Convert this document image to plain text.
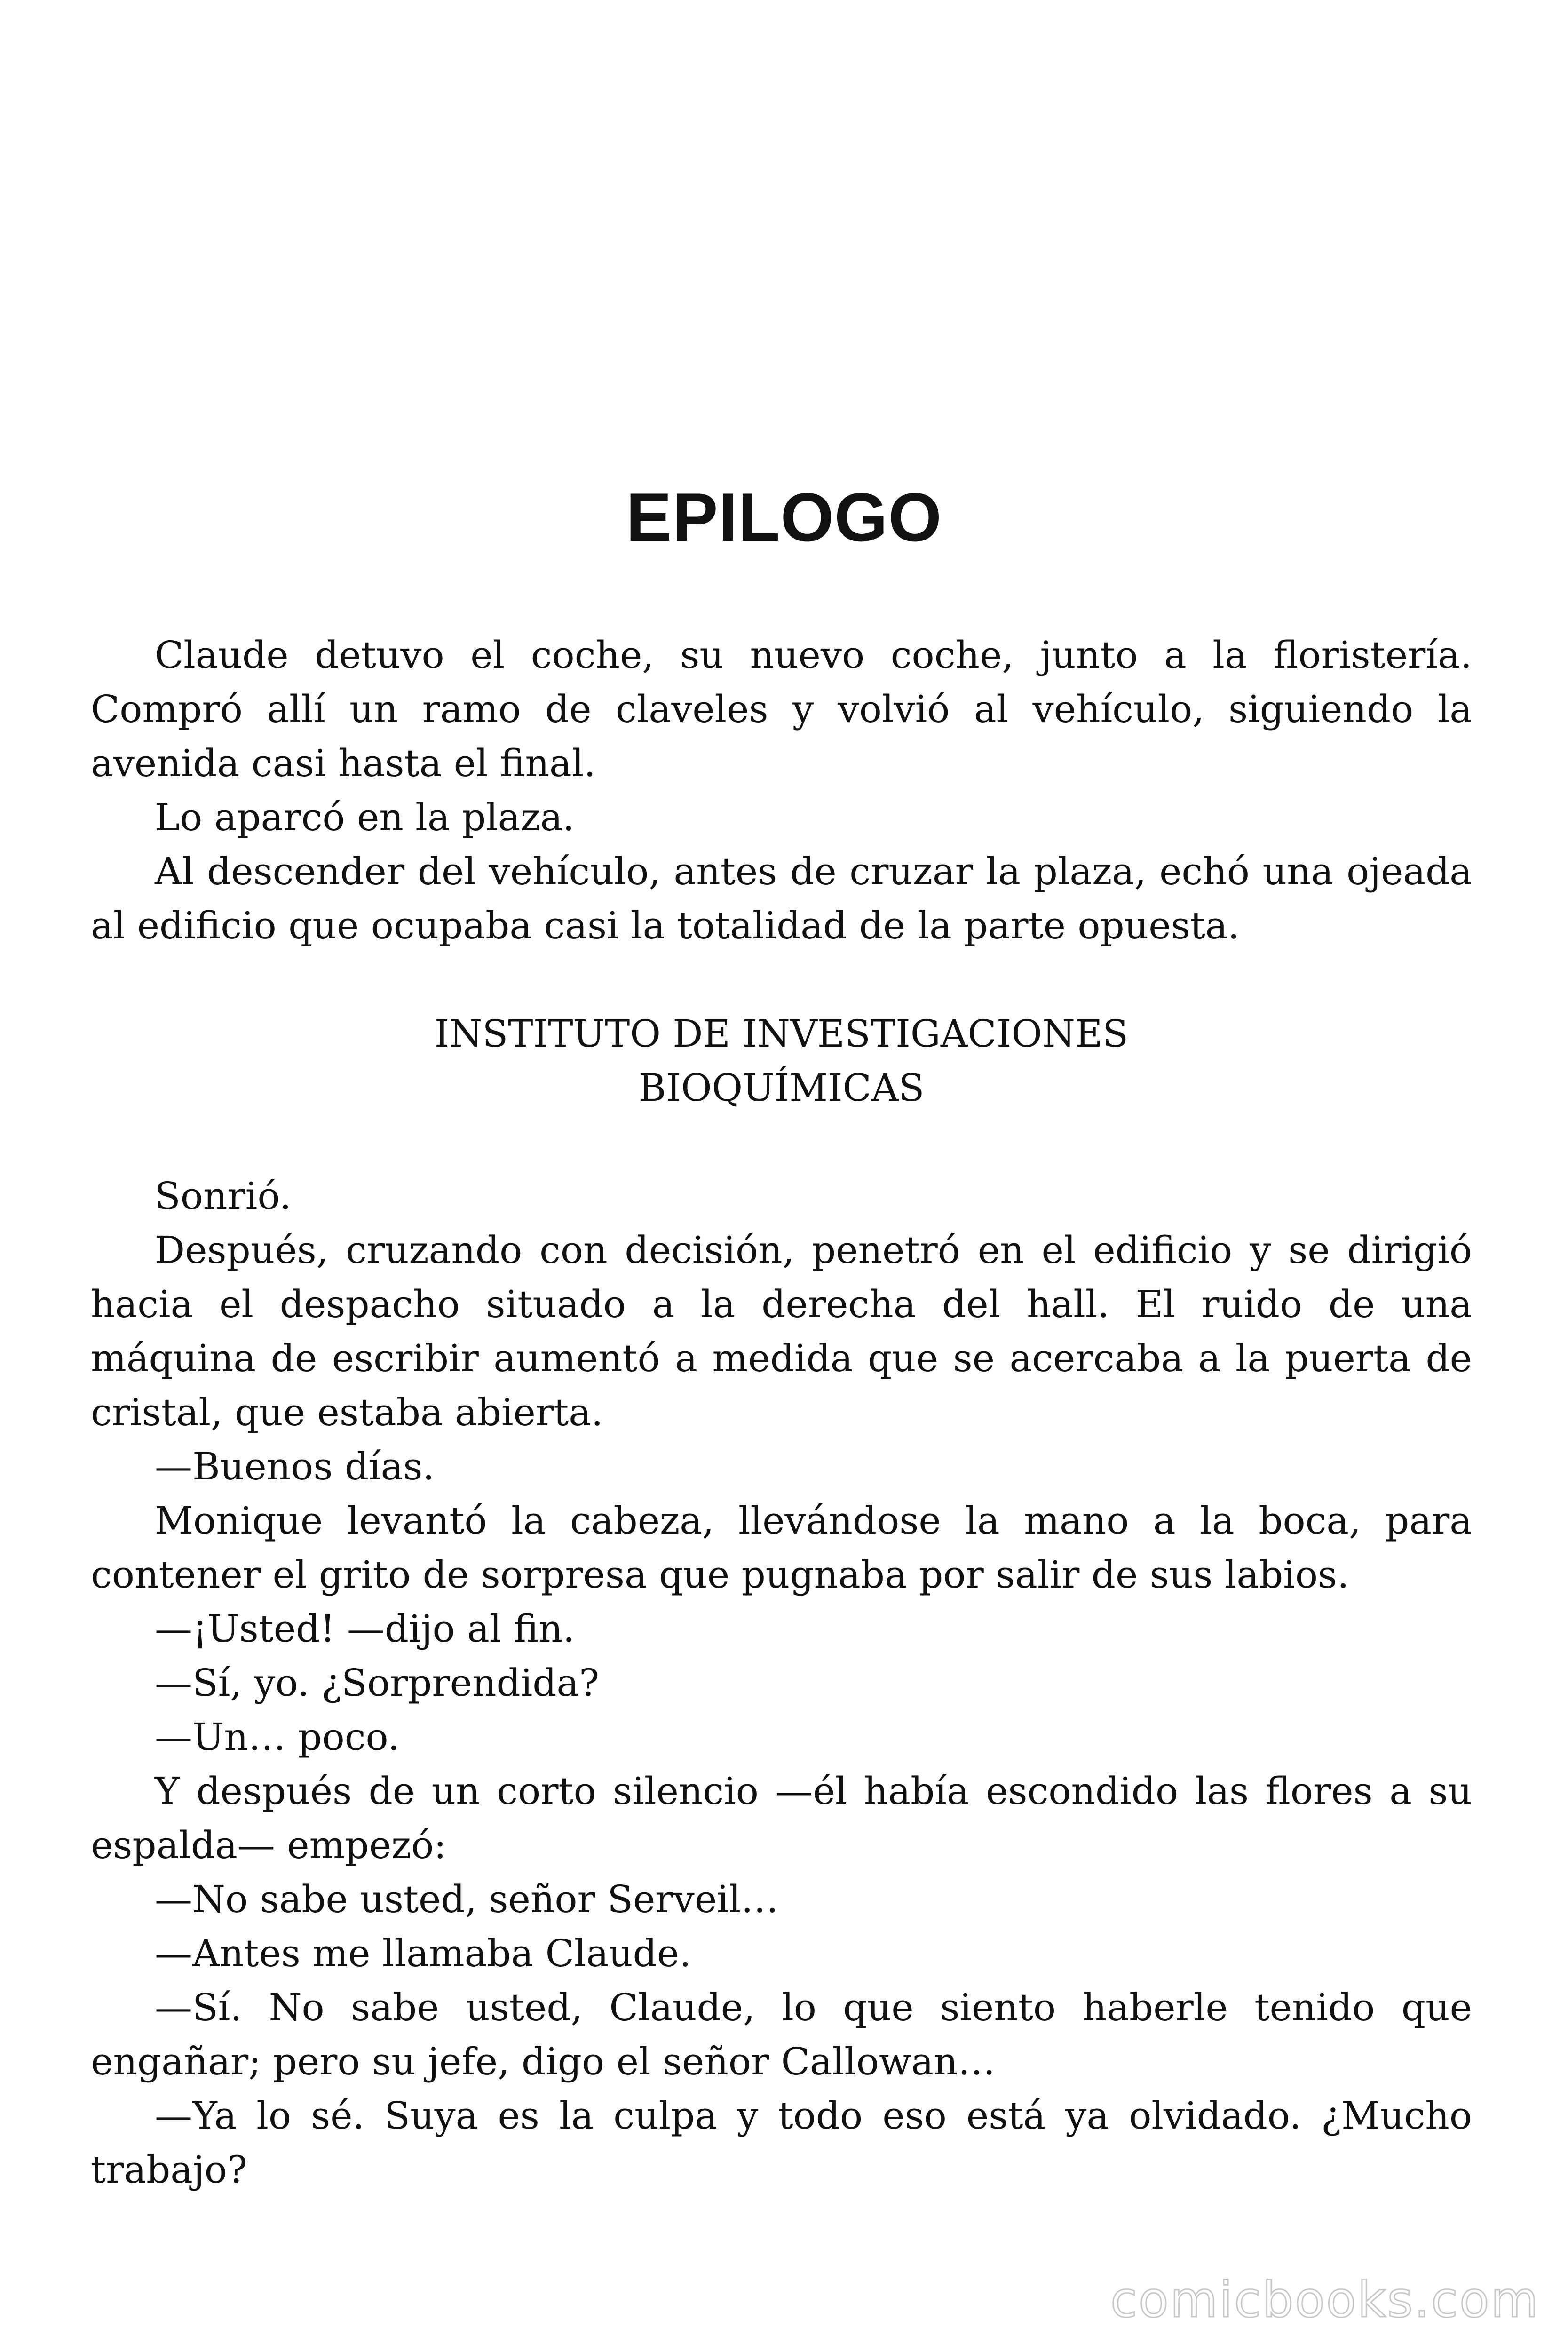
EPILOGO

Claude detuvo el coche, su nuevo coche, junto a la floristería. Compró allí un ramo de claveles y volvió al vehículo, siguiendo la avenida casi hasta el final.

Lo aparcó en la plaza.

Al descender del vehículo, antes de cruzar la plaza, echó una ojeada al edificio que ocupaba casi la totalidad de la parte opuesta.

INSTITUTO DE INVESTIGACIONES

BIOQUÍMICAS

Sonrió.

Después, cruzando con decisión, penetró en el edificio y se dirigió hacia el despacho situado a la derecha del hall. El ruido de una máquina de escribir aumentó a medida que se acercaba a la puerta de cristal, que estaba abierta.

—Buenos días.

Monique levantó la cabeza, llevándose la mano a la boca, para contener el grito de sorpresa que pugnaba por salir de sus labios.

—¡Usted! —dijo al fin.

—Sí, yo. ¿Sorprendida?

—Un… poco.

Y después de un corto silencio —él había escondido las flores a su espalda— empezó:

—No sabe usted, señor Serveil…

—Antes me llamaba Claude.

—Sí. No sabe usted, Claude, lo que siento haberle tenido que engañar; pero su jefe, digo el señor Callowan…

—Ya lo sé. Suya es la culpa y todo eso está ya olvidado. ¿Mucho trabajo?

comicbooks.com
